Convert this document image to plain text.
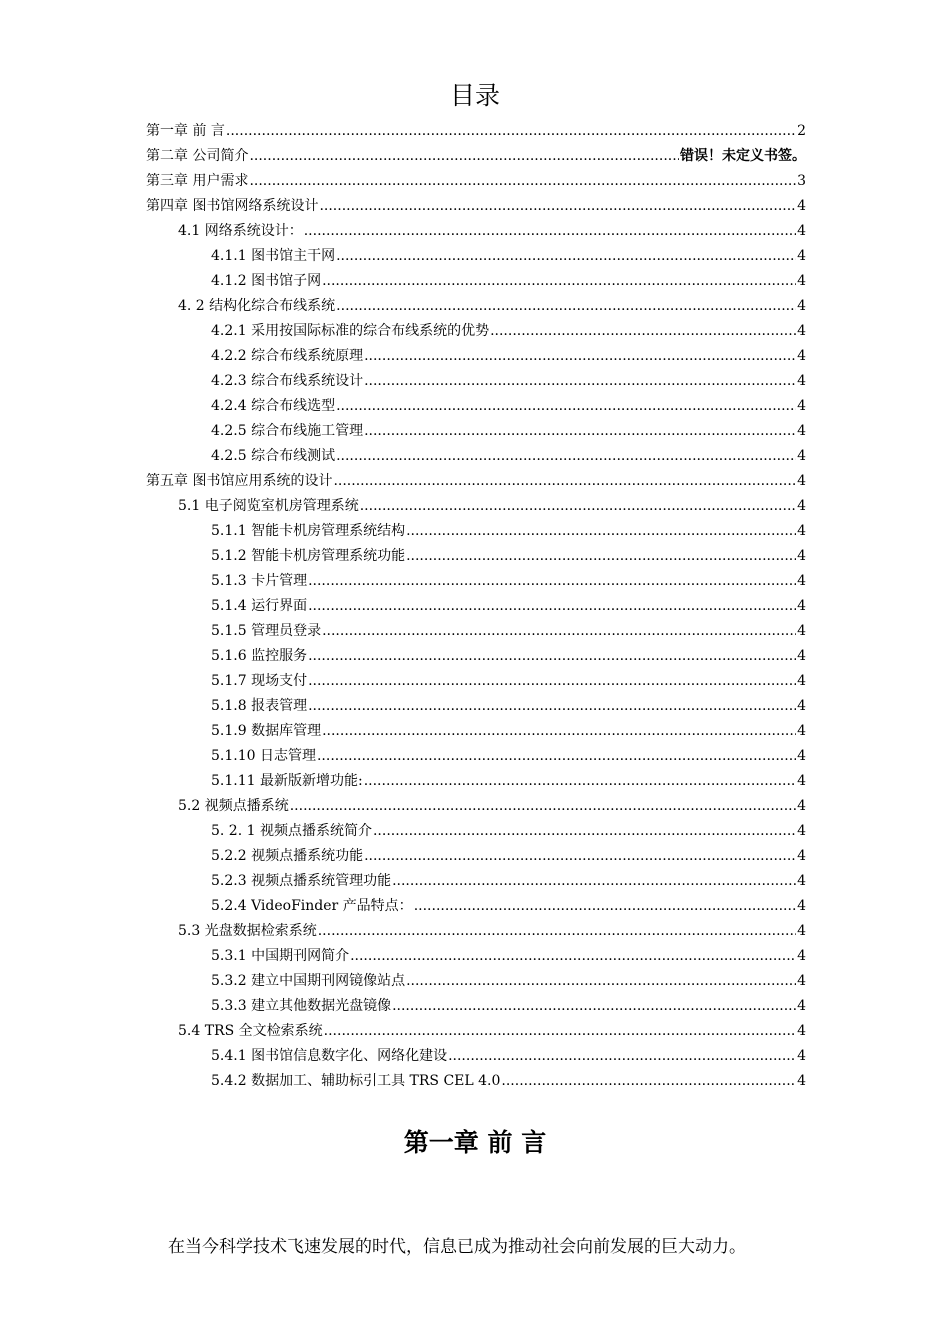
目录
第一章 前 言 .....	2
第二章 公司简介 .....	错误！未定义书签。
第三章 用户需求 .....	3
第四章 图书馆网络系统设计 .....	4
4.1 网络系统设计： .....	4
4.1.1 图书馆主干网 .....	4
4.1.2 图书馆子网 .....	4
4. 2 结构化综合布线系统 .....	4
4.2.1 采用按国际标准的综合布线系统的优势 .....	4
4.2.2 综合布线系统原理 .....	4
4.2.3 综合布线系统设计 .....	4
4.2.4 综合布线选型 .....	4
4.2.5 综合布线施工管理 .....	4
4.2.5 综合布线测试 .....	4
第五章 图书馆应用系统的设计 .....	4
5.1 电子阅览室机房管理系统 .....	4
5.1.1 智能卡机房管理系统结构 .....	4
5.1.2 智能卡机房管理系统功能 .....	4
5.1.3 卡片管理 .....	4
5.1.4 运行界面 .....	4
5.1.5 管理员登录 .....	4
5.1.6 监控服务 .....	4
5.1.7 现场支付 .....	4
5.1.8 报表管理 .....	4
5.1.9 数据库管理 .....	4
5.1.10 日志管理 .....	4
5.1.11 最新版新增功能: .....	4
5.2 视频点播系统 .....	4
5. 2. 1 视频点播系统简介 .....	4
5.2.2 视频点播系统功能 .....	4
5.2.3 视频点播系统管理功能 .....	4
5.2.4 VideoFinder 产品特点： .....	4
5.3 光盘数据检索系统 .....	4
5.3.1 中国期刊网简介 .....	4
5.3.2 建立中国期刊网镜像站点 .....	4
5.3.3 建立其他数据光盘镜像 .....	4
5.4 TRS 全文检索系统 .....	4
5.4.1 图书馆信息数字化、网络化建设 .....	4
5.4.2 数据加工、辅助标引工具 TRS CEL 4.0 .....	4
第一章 前 言
在当今科学技术飞速发展的时代，信息已成为推动社会向前发展的巨大动力。
